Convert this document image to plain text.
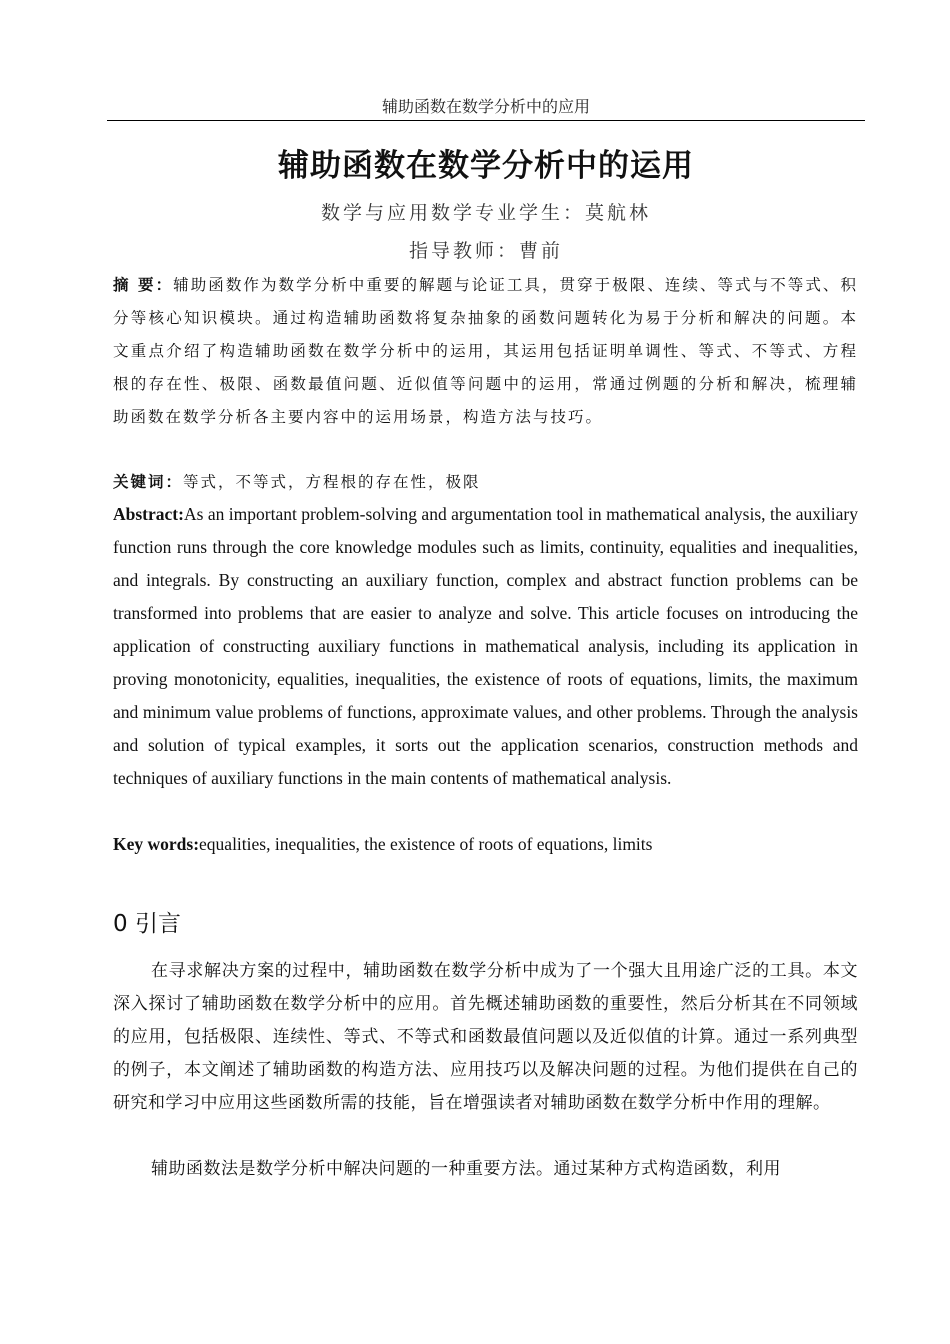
辅助函数在数学分析中的应用
辅助函数在数学分析中的运用
数学与应用数学专业学生：莫航林
指导教师：曹前
摘 要：辅助函数作为数学分析中重要的解题与论证工具，贯穿于极限、连续、等式与不等式、积分等核心知识模块。通过构造辅助函数将复杂抽象的函数问题转化为易于分析和解决的问题。本文重点介绍了构造辅助函数在数学分析中的运用，其运用包括证明单调性、等式、不等式、方程根的存在性、极限、函数最值问题、近似值等问题中的运用，常通过例题的分析和解决，梳理辅助函数在数学分析各主要内容中的运用场景，构造方法与技巧。
关键词：等式，不等式，方程根的存在性，极限
Abstract:As an important problem-solving and argumentation tool in mathematical analysis, the auxiliary function runs through the core knowledge modules such as limits, continuity, equalities and inequalities, and integrals. By constructing an auxiliary function, complex and abstract function problems can be transformed into problems that are easier to analyze and solve. This article focuses on introducing the application of constructing auxiliary functions in mathematical analysis, including its application in proving monotonicity, equalities, inequalities, the existence of roots of equations, limits, the maximum and minimum value problems of functions, approximate values, and other problems. Through the analysis and solution of typical examples, it sorts out the application scenarios, construction methods and techniques of auxiliary functions in the main contents of mathematical analysis.
Key words:equalities, inequalities, the existence of roots of equations, limits
0 引言
在寻求解决方案的过程中，辅助函数在数学分析中成为了一个强大且用途广泛的工具。本文深入探讨了辅助函数在数学分析中的应用。首先概述辅助函数的重要性，然后分析其在不同领域的应用，包括极限、连续性、等式、不等式和函数最值问题以及近似值的计算。通过一系列典型的例子，本文阐述了辅助函数的构造方法、应用技巧以及解决问题的过程。为他们提供在自己的研究和学习中应用这些函数所需的技能，旨在增强读者对辅助函数在数学分析中作用的理解。
辅助函数法是数学分析中解决问题的一种重要方法。通过某种方式构造函数，利用
